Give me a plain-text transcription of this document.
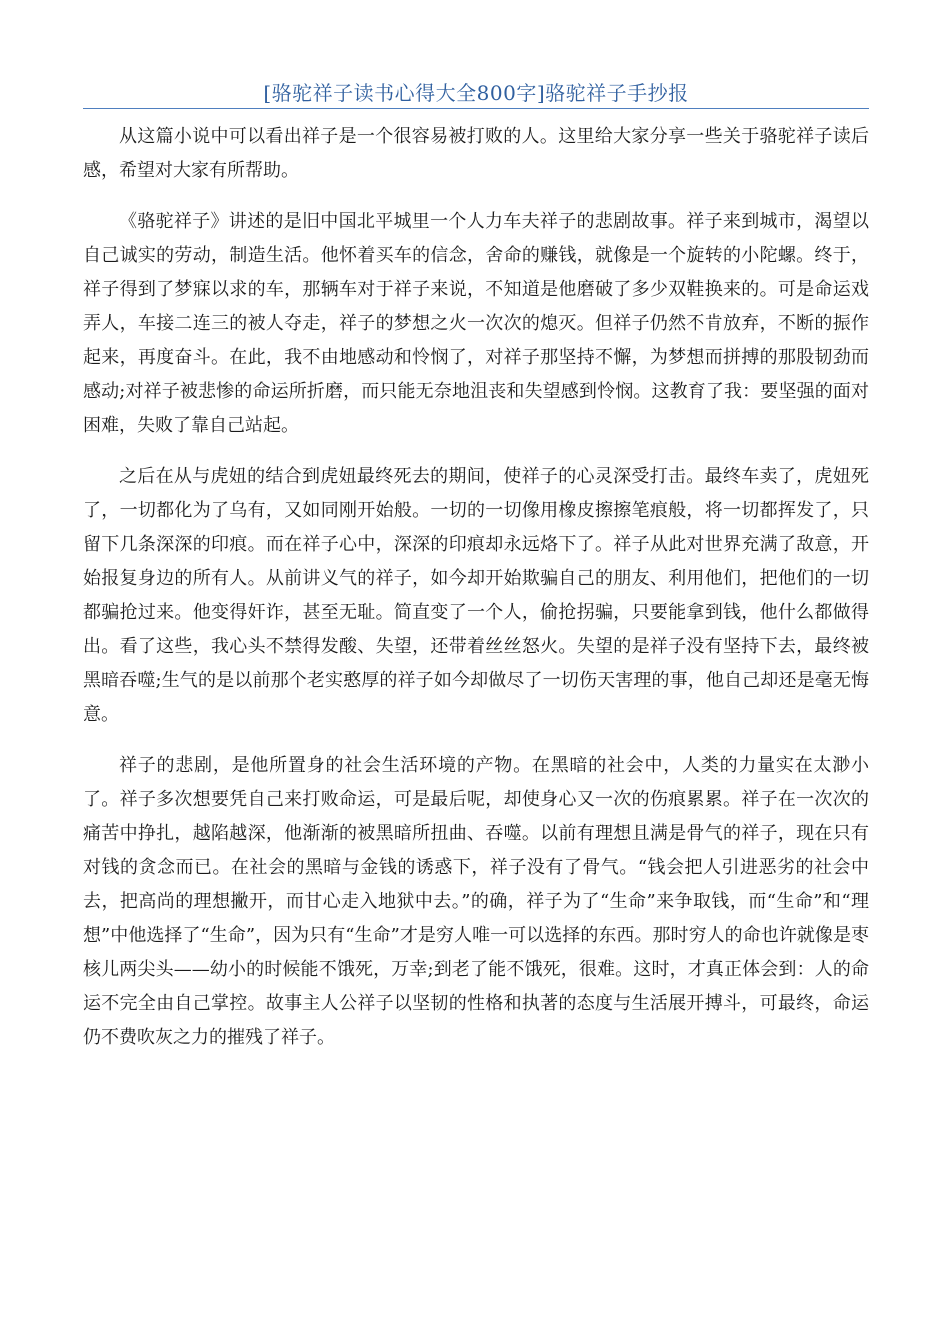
[骆驼祥子读书心得大全800字]骆驼祥子手抄报

从这篇小说中可以看出祥子是一个很容易被打败的人。这里给大家分享一些关于骆驼祥子读后感，希望对大家有所帮助。

《骆驼祥子》讲述的是旧中国北平城里一个人力车夫祥子的悲剧故事。祥子来到城市，渴望以自己诚实的劳动，制造生活。他怀着买车的信念，舍命的赚钱，就像是一个旋转的小陀螺。终于，祥子得到了梦寐以求的车，那辆车对于祥子来说，不知道是他磨破了多少双鞋换来的。可是命运戏弄人，车接二连三的被人夺走，祥子的梦想之火一次次的熄灭。但祥子仍然不肯放弃，不断的振作起来，再度奋斗。在此，我不由地感动和怜悯了，对祥子那坚持不懈，为梦想而拼搏的那股韧劲而感动;对祥子被悲惨的命运所折磨，而只能无奈地沮丧和失望感到怜悯。这教育了我：要坚强的面对困难，失败了靠自己站起。

之后在从与虎妞的结合到虎妞最终死去的期间，使祥子的心灵深受打击。最终车卖了，虎妞死了，一切都化为了乌有，又如同刚开始般。一切的一切像用橡皮擦擦笔痕般，将一切都挥发了，只留下几条深深的印痕。而在祥子心中，深深的印痕却永远烙下了。祥子从此对世界充满了敌意，开始报复身边的所有人。从前讲义气的祥子，如今却开始欺骗自己的朋友、利用他们，把他们的一切都骗抢过来。他变得奸诈，甚至无耻。简直变了一个人，偷抢拐骗，只要能拿到钱，他什么都做得出。看了这些，我心头不禁得发酸、失望，还带着丝丝怒火。失望的是祥子没有坚持下去，最终被黑暗吞噬;生气的是以前那个老实憨厚的祥子如今却做尽了一切伤天害理的事，他自己却还是毫无悔意。

祥子的悲剧，是他所置身的社会生活环境的产物。在黑暗的社会中，人类的力量实在太渺小了。祥子多次想要凭自己来打败命运，可是最后呢，却使身心又一次的伤痕累累。祥子在一次次的痛苦中挣扎，越陷越深，他渐渐的被黑暗所扭曲、吞噬。以前有理想且满是骨气的祥子，现在只有对钱的贪念而已。在社会的黑暗与金钱的诱惑下，祥子没有了骨气。“钱会把人引进恶劣的社会中去，把高尚的理想撇开，而甘心走入地狱中去。”的确，祥子为了“生命”来争取钱，而“生命”和“理想”中他选择了“生命”，因为只有“生命”才是穷人唯一可以选择的东西。那时穷人的命也许就像是枣核儿两尖头——幼小的时候能不饿死，万幸;到老了能不饿死，很难。这时，才真正体会到：人的命运不完全由自己掌控。故事主人公祥子以坚韧的性格和执著的态度与生活展开搏斗，可最终，命运仍不费吹灰之力的摧残了祥子。
